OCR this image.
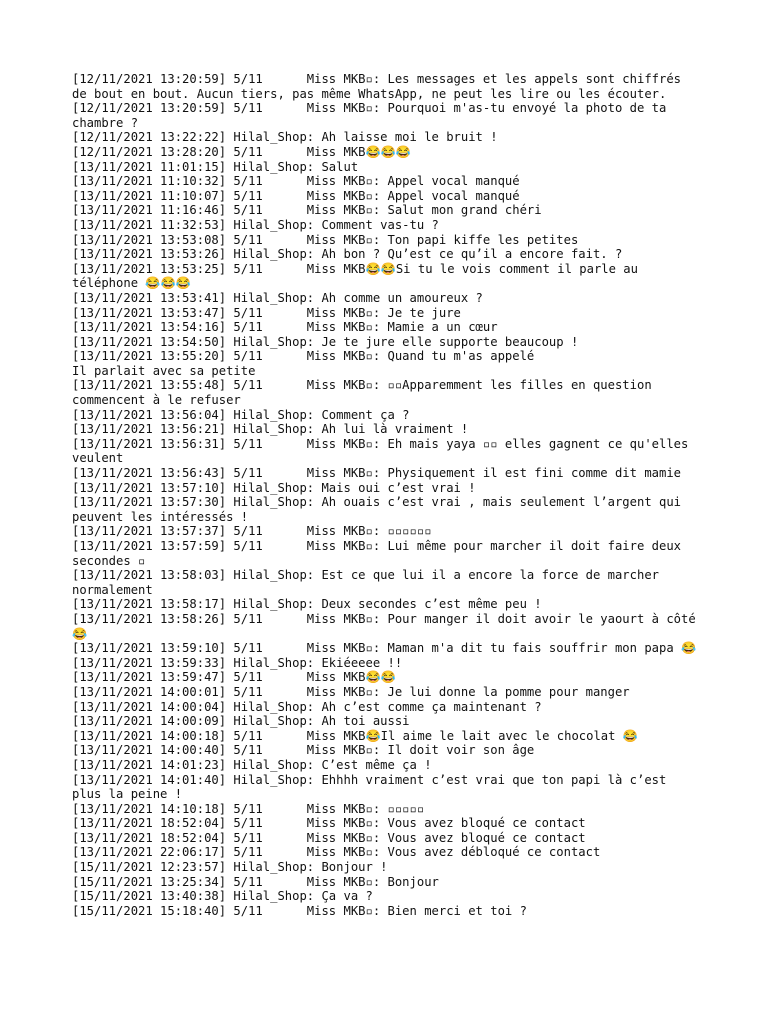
[12/11/2021 13:20:59] 5/11      Miss MKB▫: Les messages et les appels sont chiffrés de bout en bout. Aucun tiers, pas même WhatsApp, ne peut les lire ou les écouter.
[12/11/2021 13:20:59] 5/11      Miss MKB▫: Pourquoi m'as-tu envoyé la photo de ta chambre ?
[12/11/2021 13:22:22] Hilal_Shop: Ah laisse moi le bruit !
[12/11/2021 13:28:20] 5/11      Miss MKB😂😂😂
[13/11/2021 11:01:15] Hilal_Shop: Salut
[13/11/2021 11:10:32] 5/11      Miss MKB▫: Appel vocal manqué
[13/11/2021 11:10:07] 5/11      Miss MKB▫: Appel vocal manqué
[13/11/2021 11:16:46] 5/11      Miss MKB▫: Salut mon grand chéri
[13/11/2021 11:32:53] Hilal_Shop: Comment vas-tu ?
[13/11/2021 13:53:08] 5/11      Miss MKB▫: Ton papi kiffe les petites
[13/11/2021 13:53:26] Hilal_Shop: Ah bon ? Qu’est ce qu’il a encore fait. ?
[13/11/2021 13:53:25] 5/11      Miss MKB😂😂Si tu le vois comment il parle au téléphone 😂😂😂
[13/11/2021 13:53:41] Hilal_Shop: Ah comme un amoureux ?
[13/11/2021 13:53:47] 5/11      Miss MKB▫: Je te jure
[13/11/2021 13:54:16] 5/11      Miss MKB▫: Mamie a un cœur
[13/11/2021 13:54:50] Hilal_Shop: Je te jure elle supporte beaucoup !
[13/11/2021 13:55:20] 5/11      Miss MKB▫: Quand tu m'as appelé
Il parlait avec sa petite
[13/11/2021 13:55:48] 5/11      Miss MKB▫: ▫▫Apparemment les filles en question commencent à le refuser
[13/11/2021 13:56:04] Hilal_Shop: Comment ça ?
[13/11/2021 13:56:21] Hilal_Shop: Ah lui là vraiment !
[13/11/2021 13:56:31] 5/11      Miss MKB▫: Eh mais yaya ▫▫ elles gagnent ce qu'elles veulent
[13/11/2021 13:56:43] 5/11      Miss MKB▫: Physiquement il est fini comme dit mamie
[13/11/2021 13:57:10] Hilal_Shop: Mais oui c’est vrai !
[13/11/2021 13:57:30] Hilal_Shop: Ah ouais c’est vrai , mais seulement l’argent qui peuvent les intéressés !
[13/11/2021 13:57:37] 5/11      Miss MKB▫: ▫▫▫▫▫▫
[13/11/2021 13:57:59] 5/11      Miss MKB▫: Lui même pour marcher il doit faire deux secondes ▫
[13/11/2021 13:58:03] Hilal_Shop: Est ce que lui il a encore la force de marcher normalement
[13/11/2021 13:58:17] Hilal_Shop: Deux secondes c’est même peu !
[13/11/2021 13:58:26] 5/11      Miss MKB▫: Pour manger il doit avoir le yaourt à côté 😂
[13/11/2021 13:59:10] 5/11      Miss MKB▫: Maman m'a dit tu fais souffrir mon papa 😂
[13/11/2021 13:59:33] Hilal_Shop: Ekiéeeee !!
[13/11/2021 13:59:47] 5/11      Miss MKB😂😂
[13/11/2021 14:00:01] 5/11      Miss MKB▫: Je lui donne la pomme pour manger
[13/11/2021 14:00:04] Hilal_Shop: Ah c’est comme ça maintenant ?
[13/11/2021 14:00:09] Hilal_Shop: Ah toi aussi
[13/11/2021 14:00:18] 5/11      Miss MKB😂Il aime le lait avec le chocolat 😂
[13/11/2021 14:00:40] 5/11      Miss MKB▫: Il doit voir son âge
[13/11/2021 14:01:23] Hilal_Shop: C’est même ça !
[13/11/2021 14:01:40] Hilal_Shop: Ehhhh vraiment c’est vrai que ton papi là c’est plus la peine !
[13/11/2021 14:10:18] 5/11      Miss MKB▫: ▫▫▫▫▫
[13/11/2021 18:52:04] 5/11      Miss MKB▫: Vous avez bloqué ce contact
[13/11/2021 18:52:04] 5/11      Miss MKB▫: Vous avez bloqué ce contact
[13/11/2021 22:06:17] 5/11      Miss MKB▫: Vous avez débloqué ce contact
[15/11/2021 12:23:57] Hilal_Shop: Bonjour !
[15/11/2021 13:25:34] 5/11      Miss MKB▫: Bonjour
[15/11/2021 13:40:38] Hilal_Shop: Ça va ?
[15/11/2021 15:18:40] 5/11      Miss MKB▫: Bien merci et toi ?
